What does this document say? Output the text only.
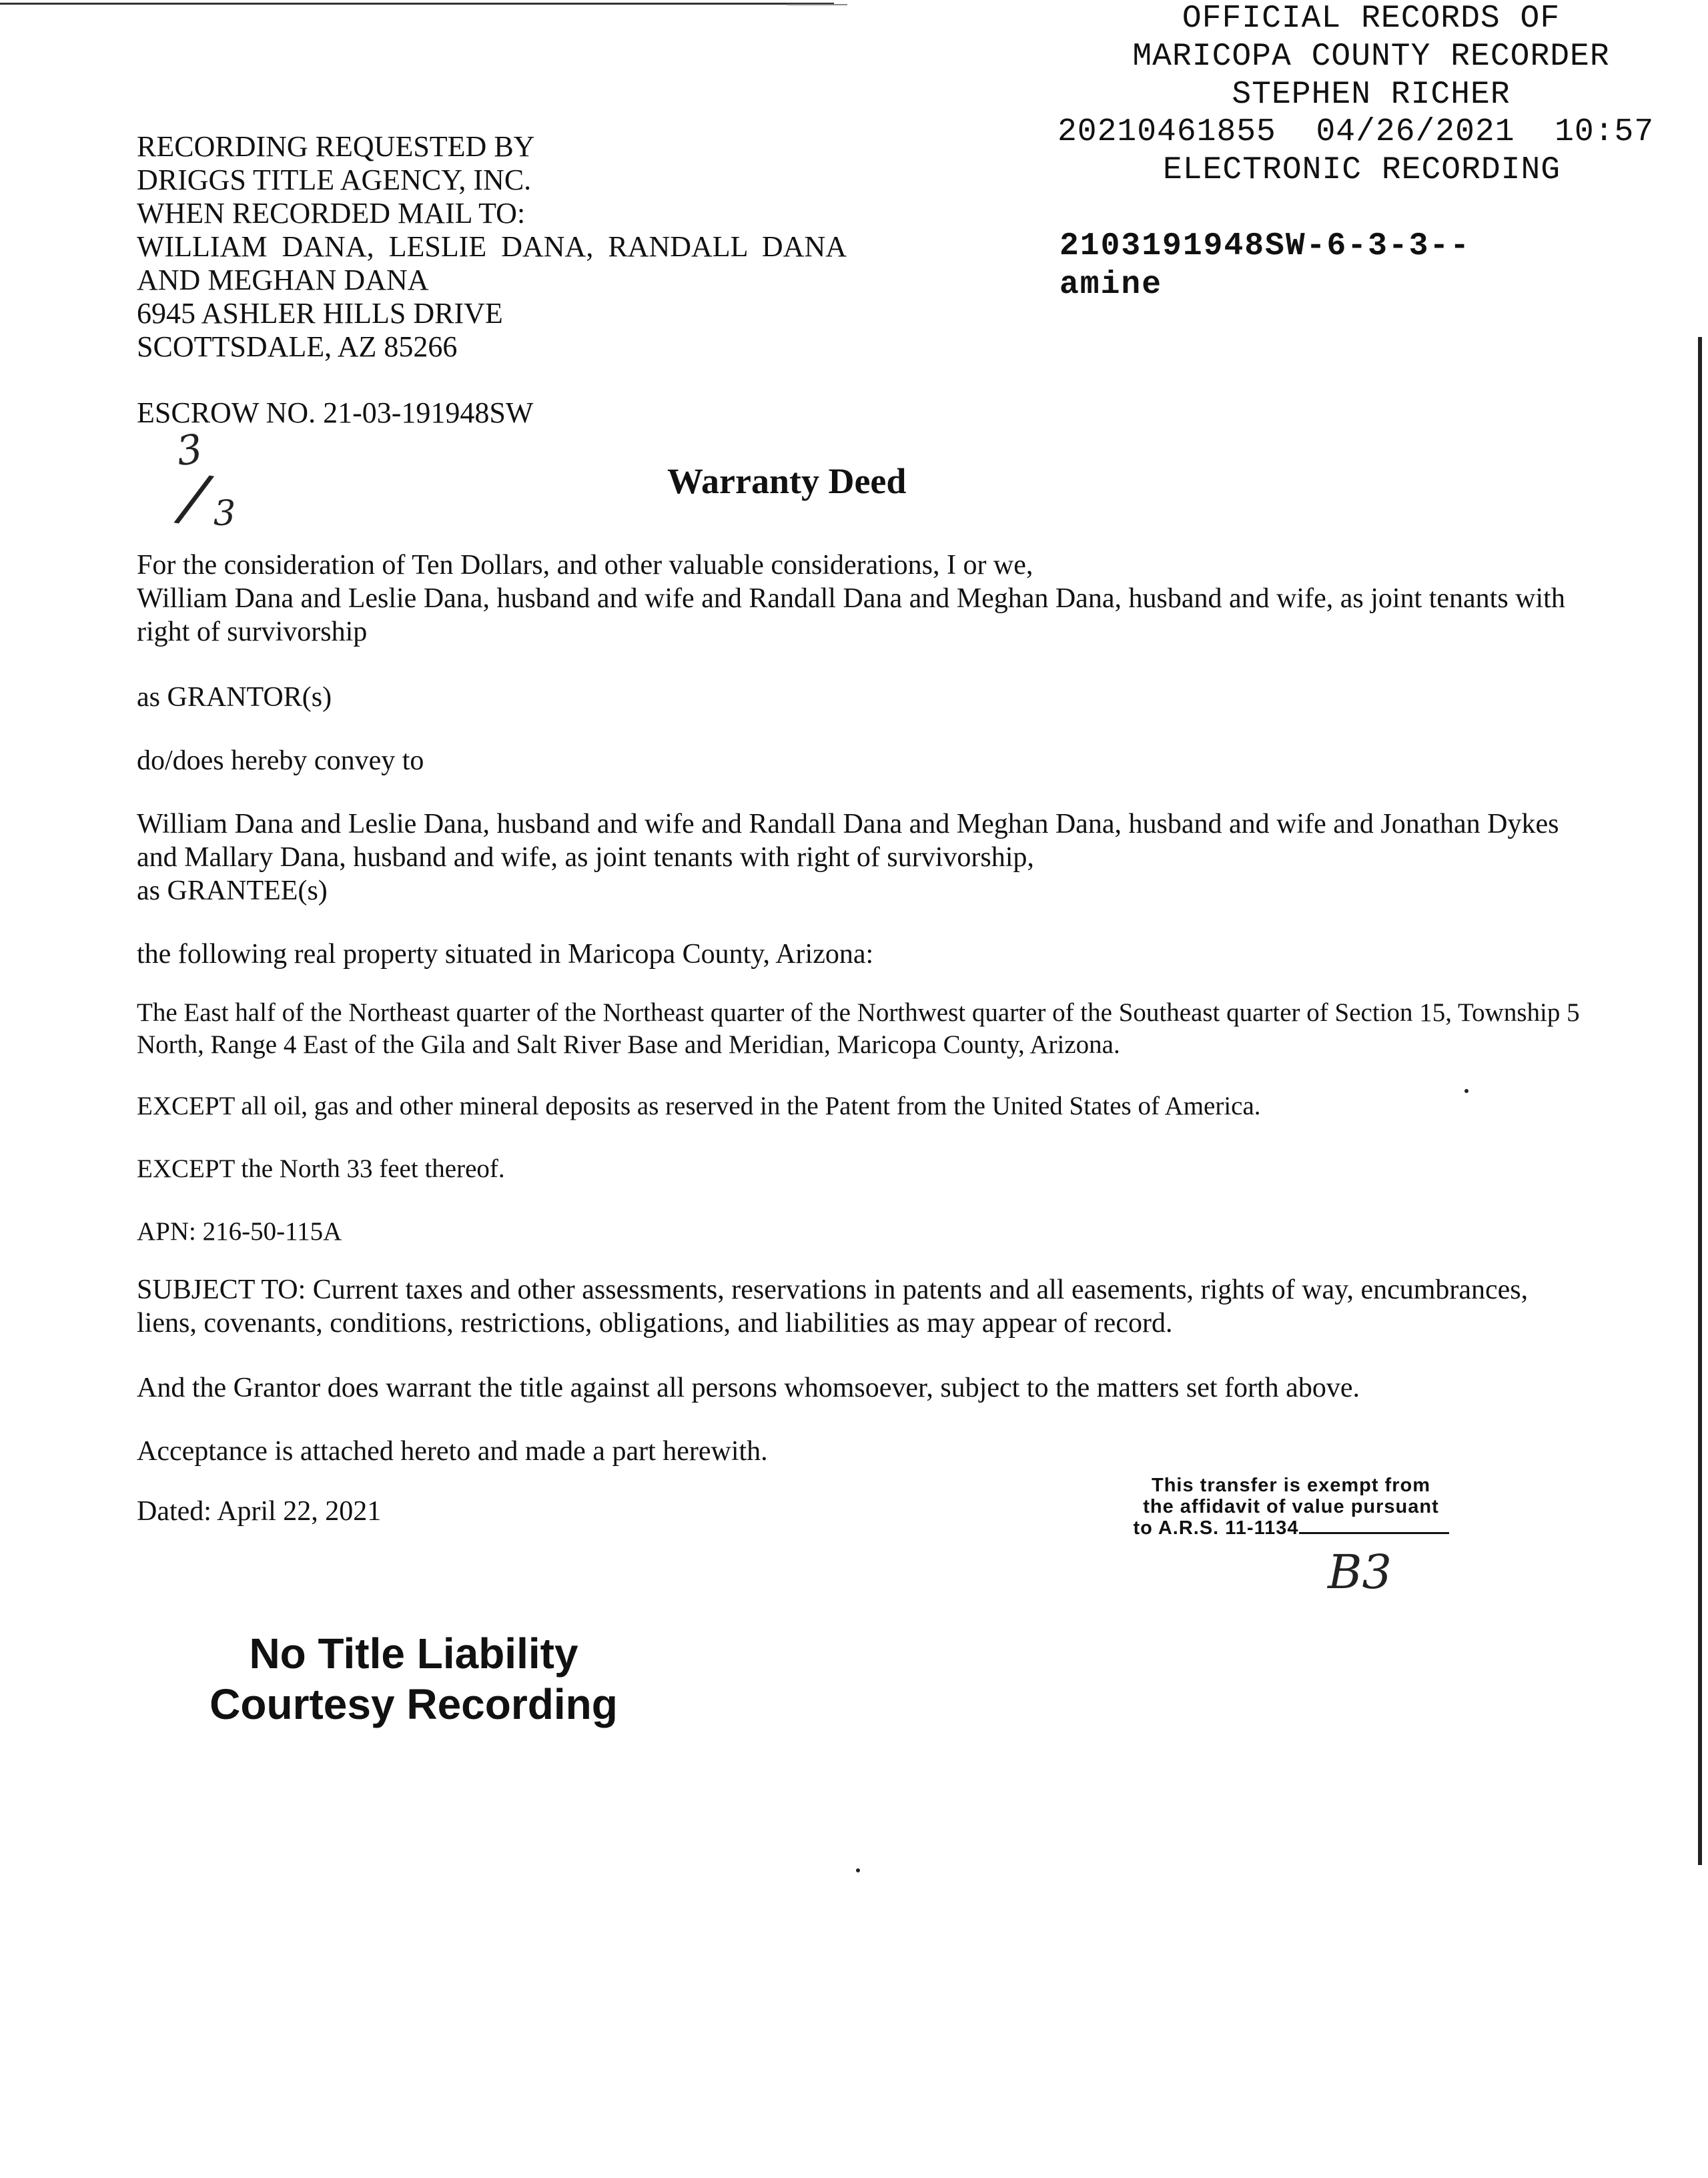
OFFICIAL RECORDS OF
MARICOPA COUNTY RECORDER
STEPHEN RICHER
20210461855 04/26/2021 10:57
ELECTRONIC RECORDING
2103191948SW-6-3-3--
amine
RECORDING REQUESTED BY
DRIGGS TITLE AGENCY, INC.
WHEN RECORDED MAIL TO:
WILLIAM  DANA,  LESLIE  DANA,  RANDALL  DANA
AND MEGHAN DANA
6945 ASHLER HILLS DRIVE
SCOTTSDALE, AZ 85266
ESCROW NO. 21-03-191948SW
3
/ 3
Warranty Deed
For the consideration of Ten Dollars, and other valuable considerations, I or we,
William Dana and Leslie Dana, husband and wife and Randall Dana and Meghan Dana, husband and wife, as joint tenants with right of survivorship
as GRANTOR(s)
do/does hereby convey to
William Dana and Leslie Dana, husband and wife and Randall Dana and Meghan Dana, husband and wife and Jonathan Dykes and Mallary Dana, husband and wife, as joint tenants with right of survivorship,
as GRANTEE(s)
the following real property situated in Maricopa County, Arizona:
The East half of the Northeast quarter of the Northeast quarter of the Northwest quarter of the Southeast quarter of Section 15, Township 5 North, Range 4 East of the Gila and Salt River Base and Meridian, Maricopa County, Arizona.
EXCEPT all oil, gas and other mineral deposits as reserved in the Patent from the United States of America.
EXCEPT the North 33 feet thereof.
APN: 216-50-115A
SUBJECT TO: Current taxes and other assessments, reservations in patents and all easements, rights of way, encumbrances, liens, covenants, conditions, restrictions, obligations, and liabilities as may appear of record.
And the Grantor does warrant the title against all persons whomsoever, subject to the matters set forth above.
Acceptance is attached hereto and made a part herewith.
Dated: April 22, 2021
This transfer is exempt from
the affidavit of value pursuant
to A.R.S. 11-1134
B3
No Title Liability
Courtesy Recording
